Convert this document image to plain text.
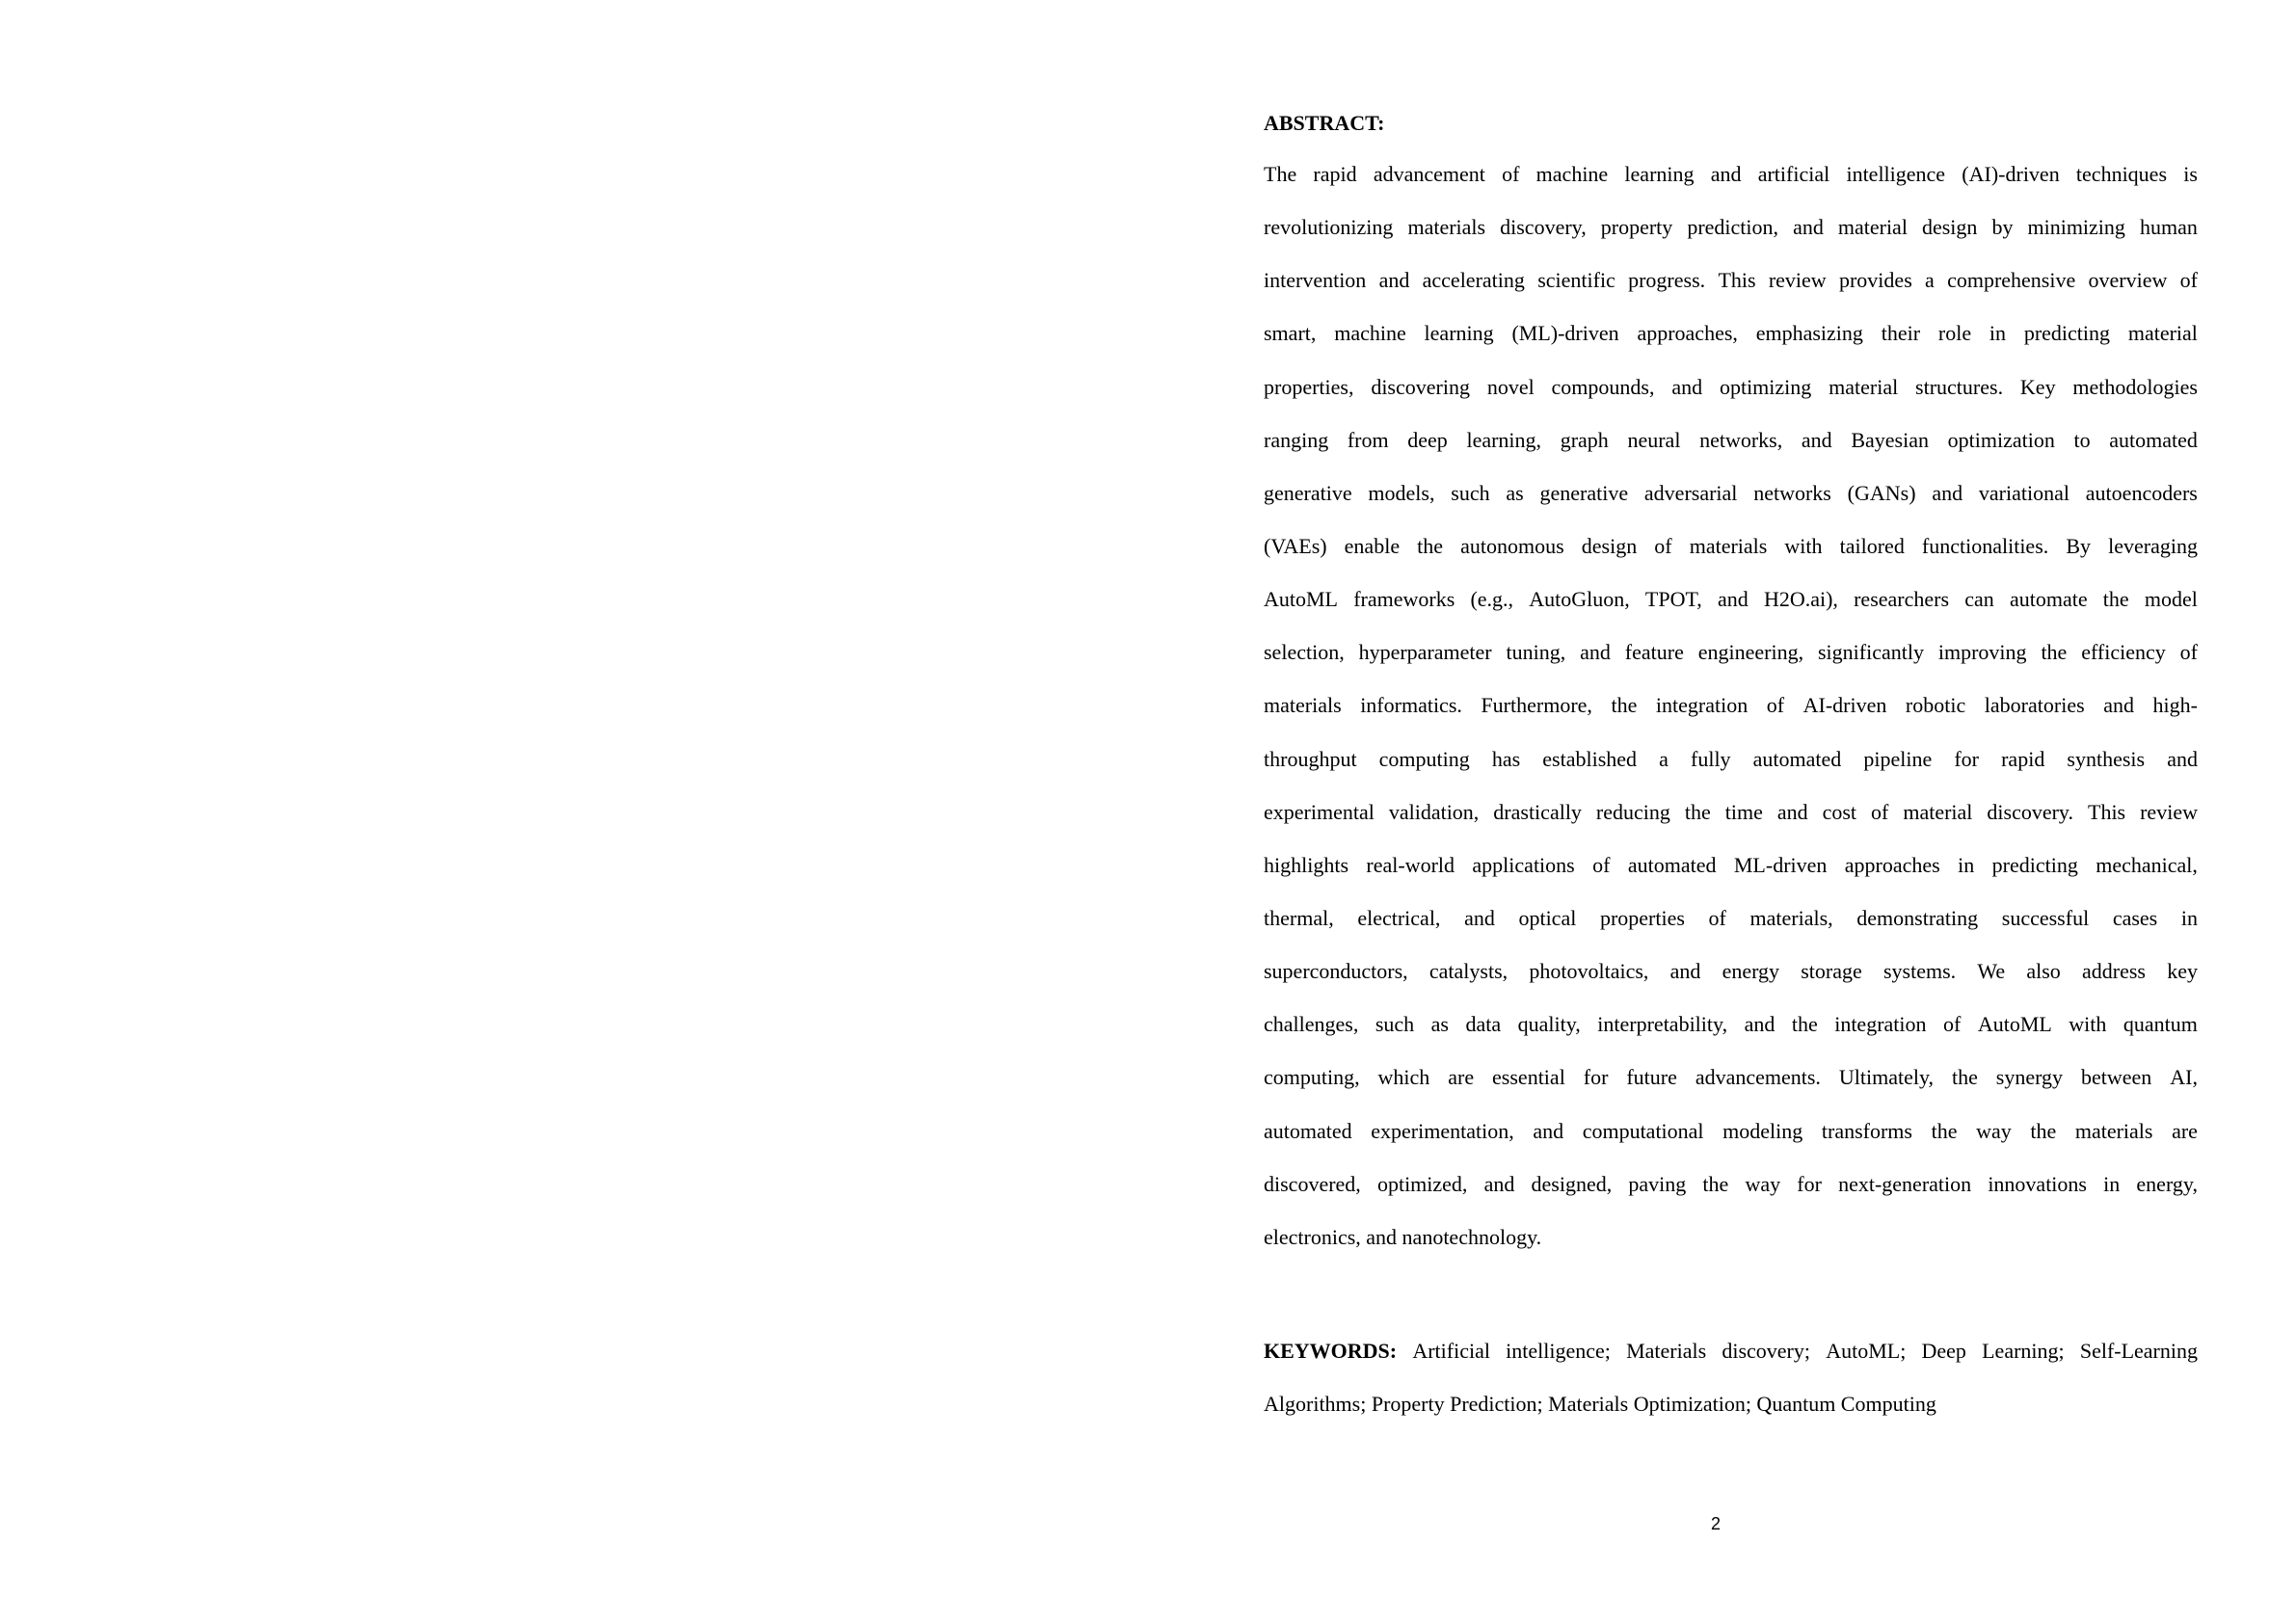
ABSTRACT:
The rapid advancement of machine learning and artificial intelligence (AI)-driven techniques is
revolutionizing materials discovery, property prediction, and material design by minimizing human
intervention and accelerating scientific progress. This review provides a comprehensive overview of
smart, machine learning (ML)-driven approaches, emphasizing their role in predicting material
properties, discovering novel compounds, and optimizing material structures. Key methodologies
ranging from deep learning, graph neural networks, and Bayesian optimization to automated
generative models, such as generative adversarial networks (GANs) and variational autoencoders
(VAEs) enable the autonomous design of materials with tailored functionalities. By leveraging
AutoML frameworks (e.g., AutoGluon, TPOT, and H2O.ai), researchers can automate the model
selection, hyperparameter tuning, and feature engineering, significantly improving the efficiency of
materials informatics. Furthermore, the integration of AI-driven robotic laboratories and high-
throughput computing has established a fully automated pipeline for rapid synthesis and
experimental validation, drastically reducing the time and cost of material discovery. This review
highlights real-world applications of automated ML-driven approaches in predicting mechanical,
thermal, electrical, and optical properties of materials, demonstrating successful cases in
superconductors, catalysts, photovoltaics, and energy storage systems. We also address key
challenges, such as data quality, interpretability, and the integration of AutoML with quantum
computing, which are essential for future advancements. Ultimately, the synergy between AI,
automated experimentation, and computational modeling transforms the way the materials are
discovered, optimized, and designed, paving the way for next-generation innovations in energy,
electronics, and nanotechnology.
KEYWORDS: Artificial intelligence; Materials discovery; AutoML; Deep Learning; Self-Learning
Algorithms; Property Prediction; Materials Optimization; Quantum Computing
2
